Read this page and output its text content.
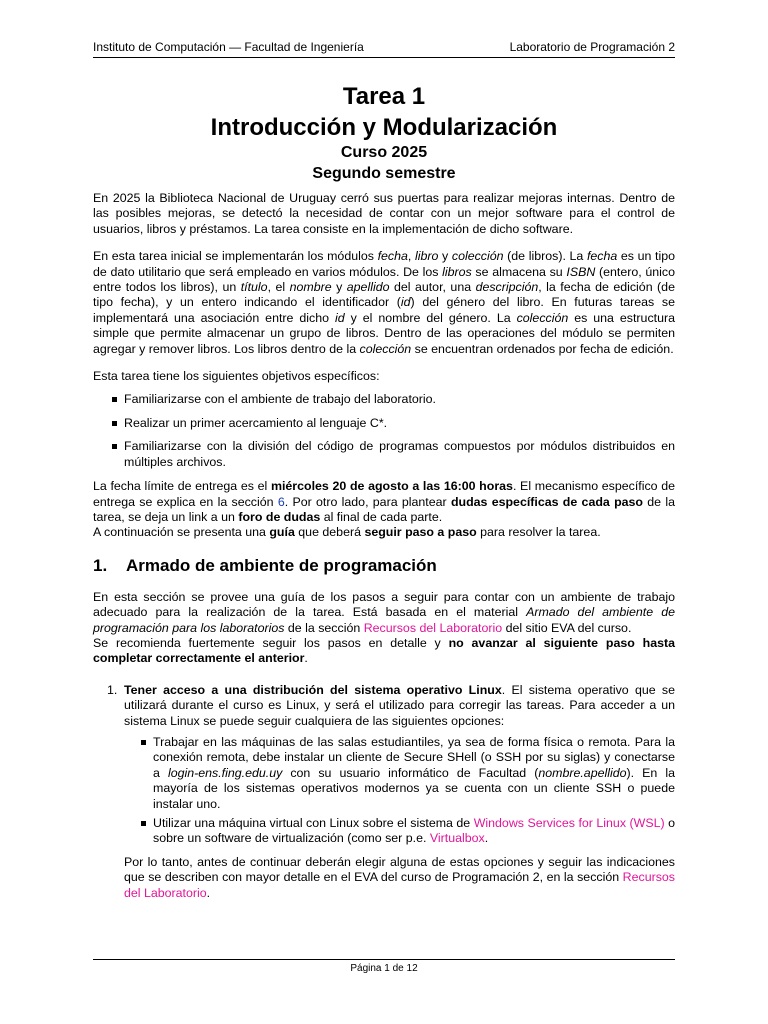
Instituto de Computación — Facultad de Ingeniería	Laboratorio de Programación 2
Tarea 1
Introducción y Modularización
Curso 2025
Segundo semestre

En 2025 la Biblioteca Nacional de Uruguay cerró sus puertas para realizar mejoras internas. Dentro de las posibles mejoras, se detectó la necesidad de contar con un mejor software para el control de usuarios, libros y préstamos. La tarea consiste en la implementación de dicho software.

En esta tarea inicial se implementarán los módulos fecha, libro y colección (de libros). La fecha es un tipo de dato utilitario que será empleado en varios módulos. De los libros se almacena su ISBN (entero, único entre todos los libros), un título, el nombre y apellido del autor, una descripción, la fecha de edición (de tipo fecha), y un entero indicando el identificador (id) del género del libro. En futuras tareas se implementará una asociación entre dicho id y el nombre del género. La colección es una estructura simple que permite almacenar un grupo de libros. Dentro de las operaciones del módulo se permiten agregar y remover libros. Los libros dentro de la colección se encuentran ordenados por fecha de edición.

Esta tarea tiene los siguientes objetivos específicos:

Familiarizarse con el ambiente de trabajo del laboratorio.
Realizar un primer acercamiento al lenguaje C*.
Familiarizarse con la división del código de programas compuestos por módulos distribuidos en múltiples archivos.

La fecha límite de entrega es el miércoles 20 de agosto a las 16:00 horas. El mecanismo específico de entrega se explica en la sección 6. Por otro lado, para plantear dudas específicas de cada paso de la tarea, se deja un link a un foro de dudas al final de cada parte.

A continuación se presenta una guía que deberá seguir paso a paso para resolver la tarea.

1. Armado de ambiente de programación

En esta sección se provee una guía de los pasos a seguir para contar con un ambiente de trabajo adecuado para la realización de la tarea. Está basada en el material Armado del ambiente de programación para los laboratorios de la sección Recursos del Laboratorio del sitio EVA del curso.

Se recomienda fuertemente seguir los pasos en detalle y no avanzar al siguiente paso hasta completar correctamente el anterior.

1. Tener acceso a una distribución del sistema operativo Linux. El sistema operativo que se utilizará durante el curso es Linux, y será el utilizado para corregir las tareas. Para acceder a un sistema Linux se puede seguir cualquiera de las siguientes opciones:
Trabajar en las máquinas de las salas estudiantiles, ya sea de forma física o remota. Para la conexión remota, debe instalar un cliente de Secure SHell (o SSH por su siglas) y conectarse a login-ens.fing.edu.uy con su usuario informático de Facultad (nombre.apellido). En la mayoría de los sistemas operativos modernos ya se cuenta con un cliente SSH o puede instalar uno.
Utilizar una máquina virtual con Linux sobre el sistema de Windows Services for Linux (WSL) o sobre un software de virtualización (como ser p.e. Virtualbox.
Por lo tanto, antes de continuar deberán elegir alguna de estas opciones y seguir las indicaciones que se describen con mayor detalle en el EVA del curso de Programación 2, en la sección Recursos del Laboratorio.
Página 1 de 12
